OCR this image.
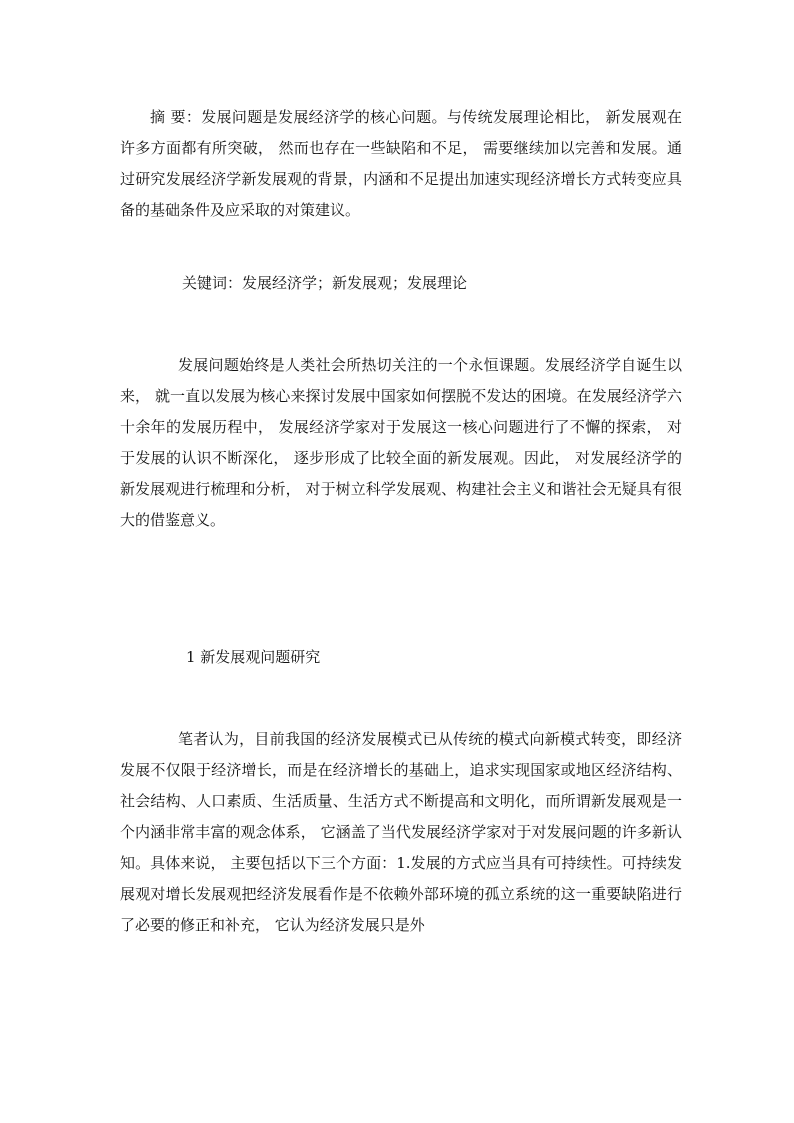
摘 要：发展问题是发展经济学的核心问题。与传统发展理论相比， 新发展观在许多方面都有所突破， 然而也存在一些缺陷和不足， 需要继续加以完善和发展。通过研究发展经济学新发展观的背景，内涵和不足提出加速实现经济增长方式转变应具备的基础条件及应采取的对策建议。

关键词：发展经济学；新发展观；发展理论

发展问题始终是人类社会所热切关注的一个永恒课题。发展经济学自诞生以来， 就一直以发展为核心来探讨发展中国家如何摆脱不发达的困境。在发展经济学六十余年的发展历程中， 发展经济学家对于发展这一核心问题进行了不懈的探索， 对于发展的认识不断深化， 逐步形成了比较全面的新发展观。因此， 对发展经济学的新发展观进行梳理和分析， 对于树立科学发展观、构建社会主义和谐社会无疑具有很大的借鉴意义。

1 新发展观问题研究

笔者认为，目前我国的经济发展模式已从传统的模式向新模式转变，即经济发展不仅限于经济增长，而是在经济增长的基础上，追求实现国家或地区经济结构、社会结构、人口素质、生活质量、生活方式不断提高和文明化，而所谓新发展观是一个内涵非常丰富的观念体系， 它涵盖了当代发展经济学家对于对发展问题的许多新认知。具体来说， 主要包括以下三个方面：1.发展的方式应当具有可持续性。可持续发展观对增长发展观把经济发展看作是不依赖外部环境的孤立系统的这一重要缺陷进行了必要的修正和补充， 它认为经济发展只是外
